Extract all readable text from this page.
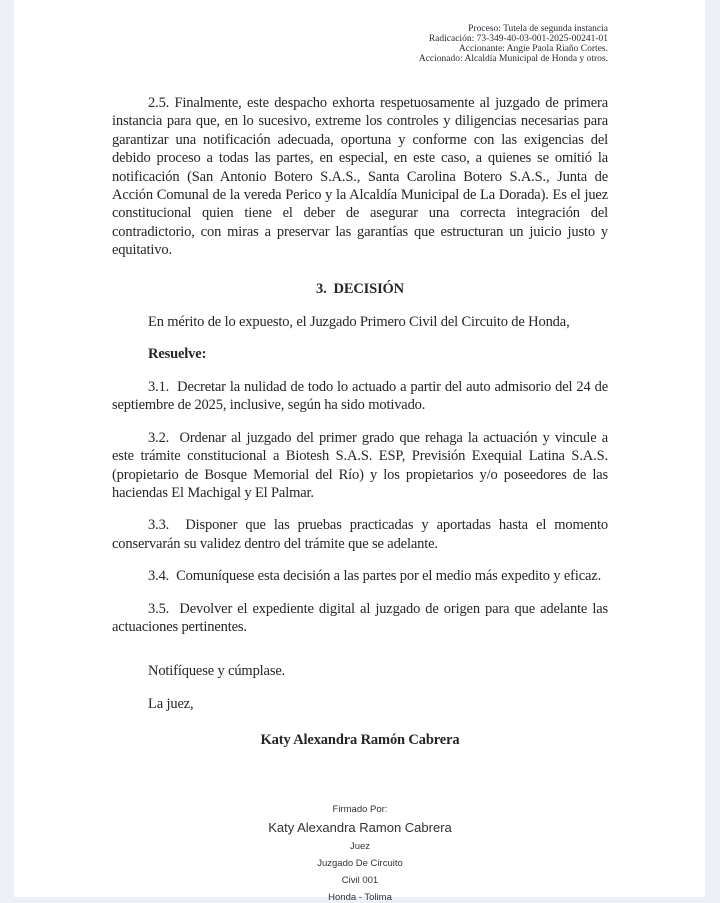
Proceso: Tutela de segunda instancia
Radicación: 73-349-40-03-001-2025-00241-01
Accionante: Angie Paola Riaño Cortes.
Accionado: Alcaldía Municipal de Honda y otros.

2.5. Finalmente, este despacho exhorta respetuosamente al juzgado de primera instancia para que, en lo sucesivo, extreme los controles y diligencias necesarias para garantizar una notificación adecuada, oportuna y conforme con las exigencias del debido proceso a todas las partes, en especial, en este caso, a quienes se omitió la notificación (San Antonio Botero S.A.S., Santa Carolina Botero S.A.S., Junta de Acción Comunal de la vereda Perico y la Alcaldía Municipal de La Dorada). Es el juez constitucional quien tiene el deber de asegurar una correcta integración del contradictorio, con miras a preservar las garantías que estructuran un juicio justo y equitativo.

3.  DECISIÓN

En mérito de lo expuesto, el Juzgado Primero Civil del Circuito de Honda,

Resuelve:

3.1.  Decretar la nulidad de todo lo actuado a partir del auto admisorio del 24 de septiembre de 2025, inclusive, según ha sido motivado.

3.2.  Ordenar al juzgado del primer grado que rehaga la actuación y vincule a este trámite constitucional a Biotesh S.A.S. ESP, Previsión Exequial Latina S.A.S. (propietario de Bosque Memorial del Río) y los propietarios y/o poseedores de las haciendas El Machigal y El Palmar.

3.3.  Disponer que las pruebas practicadas y aportadas hasta el momento conservarán su validez dentro del trámite que se adelante.

3.4.  Comuníquese esta decisión a las partes por el medio más expedito y eficaz.

3.5.  Devolver el expediente digital al juzgado de origen para que adelante las actuaciones pertinentes.

Notifíquese y cúmplase.

La juez,

Katy Alexandra Ramón Cabrera

Firmado Por:

Katy Alexandra Ramon Cabrera

Juez

Juzgado De Circuito

Civil 001

Honda - Tolima
